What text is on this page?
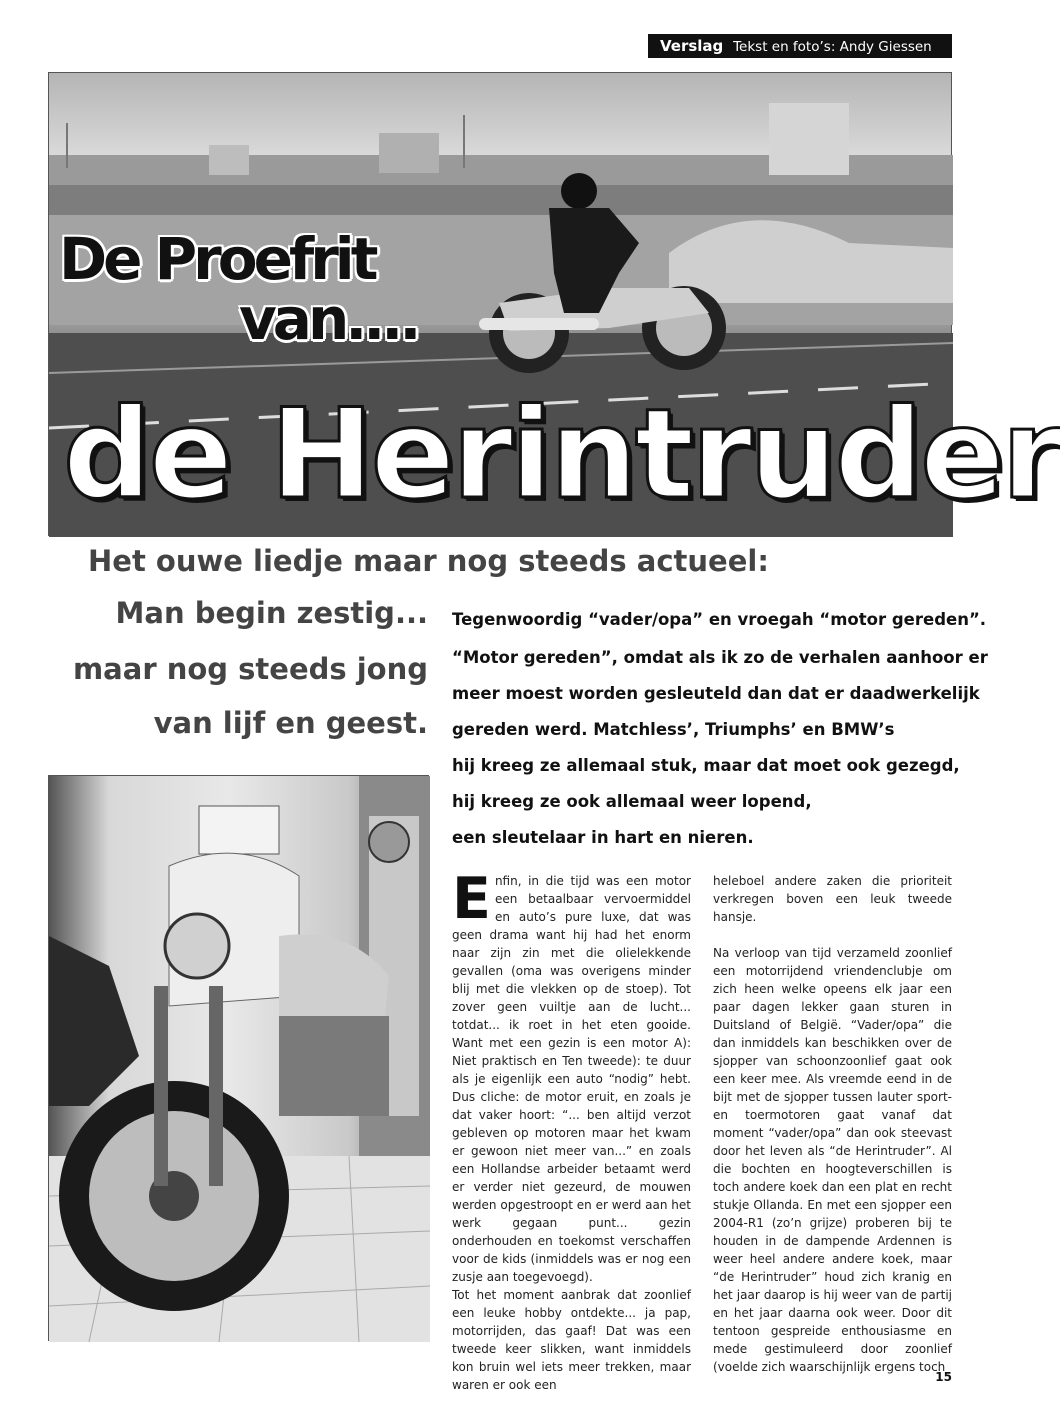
Verslag Tekst en foto’s: Andy Giessen
De Proefrit
van....
de Herintruder
Het ouwe liedje maar nog steeds actueel:
Man begin zestig...
maar nog steeds jong
van lijf en geest.
Tegenwoordig “vader/opa” en vroegah “motor gereden”.
“Motor gereden”, omdat als ik zo de verhalen aanhoor er
meer moest worden gesleuteld dan dat er daadwerkelijk
gereden werd. Matchless’, Triumphs’ en BMW’s
hij kreeg ze allemaal stuk, maar dat moet ook gezegd,
hij kreeg ze ook allemaal weer lopend,
een sleutelaar in hart en nieren.

Enfin, in die tijd was een motor een betaalbaar vervoermiddel en auto’s pure luxe, dat was geen drama want hij had het enorm naar zijn zin met die olielekkende gevallen (oma was overigens minder blij met die vlekken op de stoep). Tot zover geen vuiltje aan de lucht... totdat... ik roet in het eten gooide. Want met een gezin is een motor A): Niet praktisch en Ten tweede): te duur als je eigenlijk een auto “nodig” hebt. Dus cliche: de motor eruit, en zoals je dat vaker hoort: “... ben altijd verzot gebleven op motoren maar het kwam er gewoon niet meer van...” en zoals een Hollandse arbeider betaamt werd er verder niet gezeurd, de mouwen werden opgestroopt en er werd aan het werk gegaan punt... gezin onderhouden en toekomst verschaffen voor de kids (inmiddels was er nog een zusje aan toegevoegd).

Tot het moment aanbrak dat zoonlief een leuke hobby ontdekte... ja pap, motorrijden, das gaaf! Dat was een tweede keer slikken, want inmiddels kon bruin wel iets meer trekken, maar waren er ook een

heleboel andere zaken die prioriteit verkregen boven een leuk tweede hansje.

Na verloop van tijd verzameld zoonlief een motorrijdend vriendenclubje om zich heen welke opeens elk jaar een paar dagen lekker gaan sturen in Duitsland of België. “Vader/opa” die dan inmiddels kan beschikken over de sjopper van schoonzoonlief gaat ook een keer mee. Als vreemde eend in de bijt met de sjopper tussen lauter sport- en toermotoren gaat vanaf dat moment “vader/opa” dan ook steevast door het leven als “de Herintruder”. Al die bochten en hoogteverschillen is toch andere koek dan een plat en recht stukje Ollanda. En met een sjopper een 2004-R1 (zo’n grijze) proberen bij te houden in de dampende Ardennen is weer heel andere andere koek, maar “de Herintruder” houd zich kranig en het jaar daarop is hij weer van de partij en het jaar daarna ook weer. Door dit tentoon gespreide enthousiasme en mede gestimuleerd door zoonlief (voelde zich waarschijnlijk ergens toch

15
